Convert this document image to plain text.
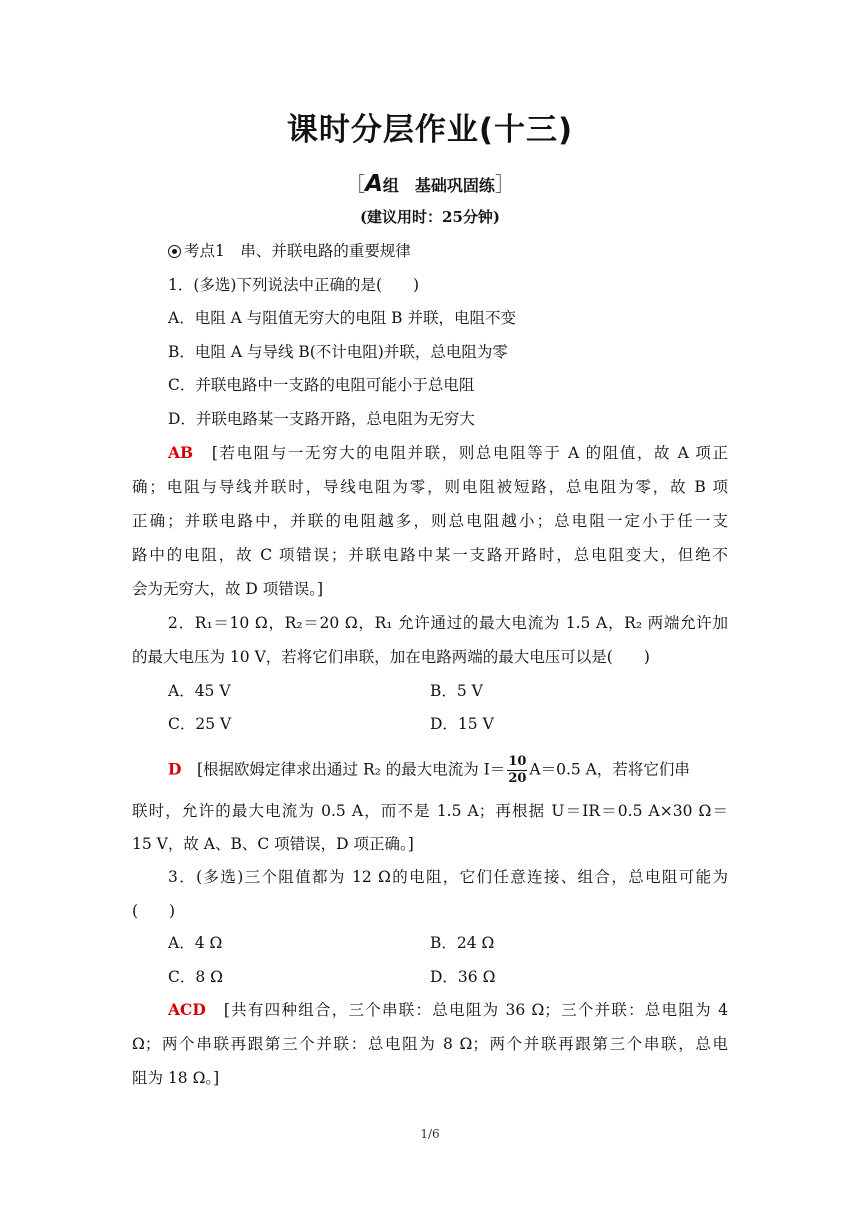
课时分层作业(十三)
［A组　基础巩固练］
(建议用时：25分钟)
考点1　串、并联电路的重要规律
1．(多选)下列说法中正确的是(　　)
A．电阻 A 与阻值无穷大的电阻 B 并联，电阻不变
B．电阻 A 与导线 B(不计电阻)并联，总电阻为零
C．并联电路中一支路的电阻可能小于总电阻
D．并联电路某一支路开路，总电阻为无穷大
AB　 [若电阻与一无穷大的电阻并联，则总电阻等于 A 的阻值，故 A 项正
确；电阻与导线并联时，导线电阻为零，则电阻被短路，总电阻为零，故 B 项
正确；并联电路中，并联的电阻越多，则总电阻越小；总电阻一定小于任一支
路中的电阻，故 C 项错误；并联电路中某一支路开路时，总电阻变大，但绝不
会为无穷大，故 D 项错误。]
2．R₁＝10 Ω，R₂＝20 Ω，R₁ 允许通过的最大电流为 1.5 A，R₂ 两端允许加
的最大电压为 10 V，若将它们串联，加在电路两端的最大电压可以是(　　)
A．45 V	B．5 V
C．25 V	D．15 V
D　 [根据欧姆定律求出通过 R₂ 的最大电流为 $I= \frac{10}{20} A=0.5$ A，若将它们串
联时，允许的最大电流为 0.5 A，而不是 1.5 A；再根据 U＝IR＝0.5 A×30 Ω＝
15 V，故 A、B、C 项错误，D 项正确。]
3．(多选)三个阻值都为 12 Ω的电阻，它们任意连接、组合，总电阻可能为
(　　)
A．4 Ω	B．24 Ω
C．8 Ω	D．36 Ω
ACD　 [共有四种组合，三个串联：总电阻为 36 Ω；三个并联：总电阻为 4
Ω；两个串联再跟第三个并联：总电阻为 8 Ω；两个并联再跟第三个串联，总电
阻为 18 Ω。]
1/6
